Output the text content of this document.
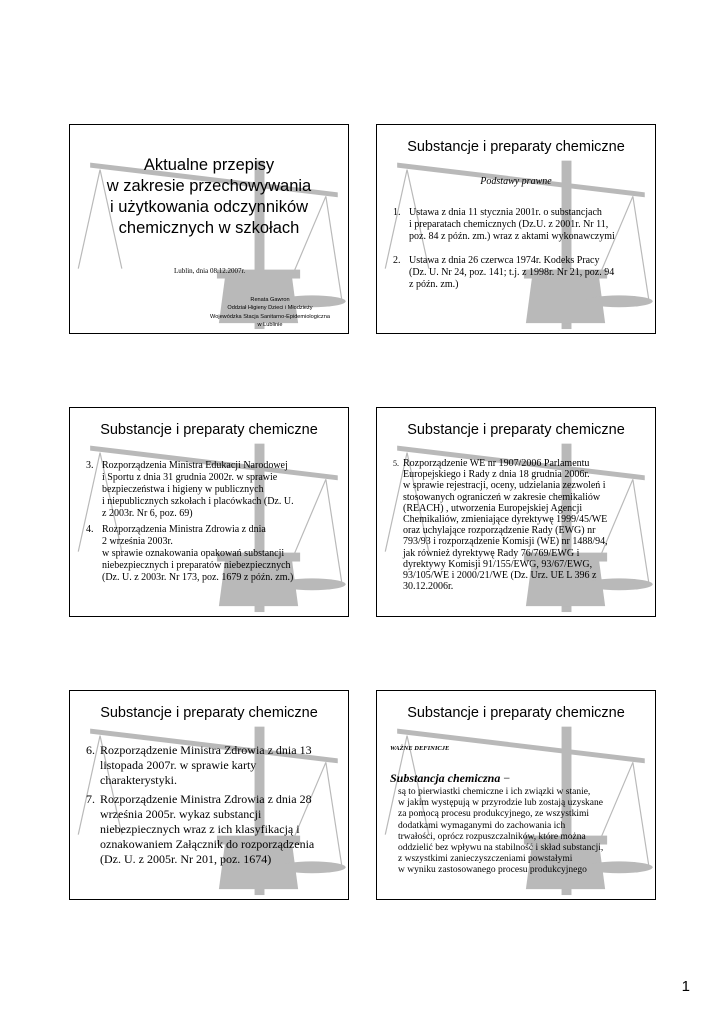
Aktualne przepisy
w zakresie przechowywania
i użytkowania odczynników
chemicznych w szkołach
Lublin, dnia 08.12.2007r.
Renata Gawron
Oddział Higieny Dzieci i Młodzieży
Wojewódzka Stacja Sanitarno-Epidemiologiczna
w Lublinie
Substancje i preparaty chemiczne
Podstawy prawne
1. Ustawa z dnia 11 stycznia 2001r. o substancjach
i preparatach chemicznych (Dz.U. z 2001r. Nr 11,
poz. 84 z późn. zm.) wraz z aktami wykonawczymi
2. Ustawa z dnia 26 czerwca 1974r. Kodeks Pracy
(Dz. U. Nr 24, poz. 141; t.j. z 1998r. Nr 21, poz. 94
z późn. zm.)
Substancje i preparaty chemiczne
3. Rozporządzenia Ministra Edukacji Narodowej
i Sportu z dnia 31 grudnia 2002r. w sprawie
bezpieczeństwa i higieny w publicznych
i niepublicznych szkołach i placówkach (Dz. U.
z 2003r. Nr 6, poz. 69)
4. Rozporządzenia Ministra Zdrowia z dnia
2 września 2003r.
w sprawie oznakowania opakowań substancji
niebezpiecznych i preparatów niebezpiecznych
(Dz. U. z 2003r. Nr 173, poz. 1679 z późn. zm.)
Substancje i preparaty chemiczne
5. Rozporządzenie WE nr 1907/2006 Parlamentu
Europejskiego i Rady z dnia 18 grudnia 2006r.
w sprawie rejestracji, oceny, udzielania zezwoleń i
stosowanych ograniczeń w zakresie chemikaliów
(REACH) , utworzenia Europejskiej Agencji
Chemikaliów, zmieniające dyrektywę 1999/45/WE
oraz uchylające rozporządzenie Rady (EWG) nr
793/93 i rozporządzenie Komisji (WE) nr 1488/94,
jak również dyrektywę Rady 76/769/EWG i
dyrektywy Komisji 91/155/EWG, 93/67/EWG,
93/105/WE i 2000/21/WE (Dz. Urz. UE L 396 z
30.12.2006r.
Substancje i preparaty chemiczne
6. Rozporządzenie Ministra Zdrowia z dnia 13
listopada 2007r. w sprawie karty
charakterystyki.
7. Rozporządzenie Ministra Zdrowia z dnia 28
września 2005r. wykaz substancji
niebezpiecznych wraz z ich klasyfikacją i
oznakowaniem Załącznik do rozporządzenia
(Dz. U. z 2005r. Nr 201, poz. 1674)
Substancje i preparaty chemiczne
WAŻNE DEFINICJE
Substancja chemiczna −
są to pierwiastki chemiczne i ich związki w stanie,
w jakim występują w przyrodzie lub zostają uzyskane
za pomocą procesu produkcyjnego, ze wszystkimi
dodatkami wymaganymi do zachowania ich
trwałości, oprócz rozpuszczalników, które można
oddzielić bez wpływu na stabilność i skład substancji,
z wszystkimi zanieczyszczeniami powstałymi
w wyniku zastosowanego procesu produkcyjnego
1
